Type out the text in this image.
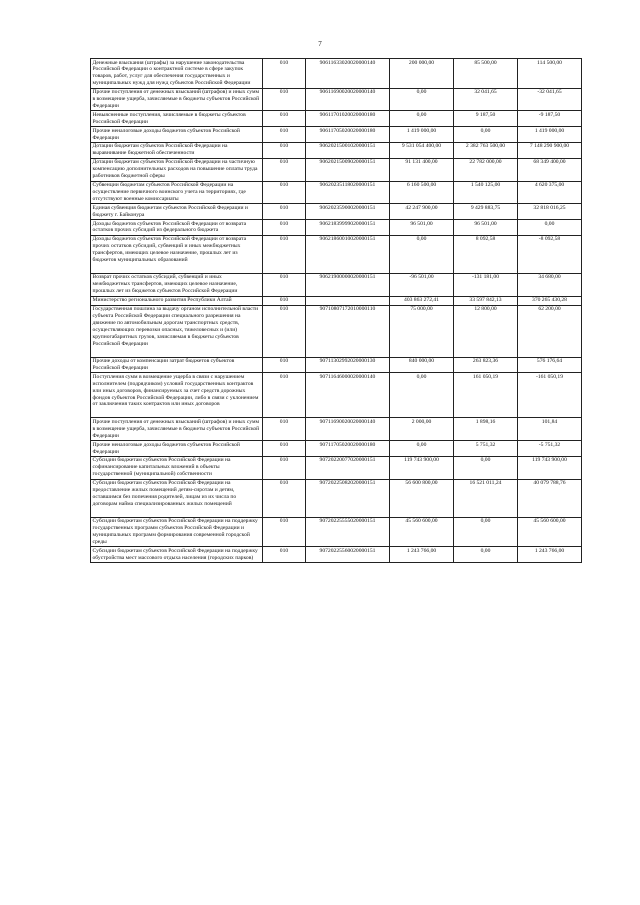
7
Денежные взыскания (штрафы) за нарушение законодательства Российской Федерации о контрактной системе в сфере закупок товаров, работ, услуг для обеспечения государственных и муниципальных нужд для нужд субъектов Российской Федерации	010	90611633020020000140	200 000,00	85 500,00	114 500,00
Прочие поступления от денежных взысканий (штрафов) и иных сумм в возмещение ущерба, зачисляемые в бюджеты субъектов Российской Федерации	010	90611690020020000140	0,00	32 041,65	-32 041,65
Невыясненные поступления, зачисляемые в бюджеты субъектов Российской Федерации	010	90611701020020000180	0,00	9 187,50	-9 187,50
Прочие неналоговые доходы бюджетов субъектов Российской Федерации	010	90611705020020000180	1 419 000,00	0,00	1 419 000,00
Дотации бюджетам субъектов Российской Федерации на выравнивание бюджетной обеспеченности	010	90620215001020000151	9 531 054 400,00	2 382 763 500,00	7 148 290 900,00
Дотации бюджетам субъектов Российской Федерации на частичную компенсацию дополнительных расходов на повышение оплаты труда работников бюджетной сферы	010	90620215009020000151	91 131 400,00	22 782 000,00	68 349 400,00
Субвенции бюджетам субъектов Российской Федерации на осуществление первичного воинского учета на территориях, где отсутствуют военные комиссариаты	010	90620235118020000151	6 160 500,00	1 540 125,00	4 620 375,00
Единая субвенция бюджетам субъектов Российской Федерации и бюджету г. Байконура	010	90620235900020000151	42 247 900,00	9 429 883,75	32 818 016,25
Доходы бюджетов субъектов Российской Федерации от возврата остатков прочих субсидий из федерального бюджета	010	90621839999020000151	96 501,00	96 501,00	0,00
Доходы бюджетов субъектов Российской Федерации от возврата прочих остатков субсидий, субвенций и иных межбюджетных трансфертов, имеющих целевое назначение, прошлых лет из бюджетов муниципальных образований	010	90621860010020000151	0,00	8 092,58	-8 092,58
Возврат прочих остатков субсидий, субвенций и иных межбюджетных трансфертов, имеющих целевое назначение, прошлых лет из бюджетов субъектов Российской Федерации	010	90621900000020000151	-96 501,00	-131 181,00	34 680,00
Министерство регионального развития Республики Алтай	010		403 863 272,41	33 597 842,13	370 265 430,28
Государственная пошлина за выдачу органом исполнительной власти субъекта Российской Федерации специального разрешения на движение по автомобильным дорогам транспортных средств, осуществляющих перевозки опасных, тяжеловесных и (или) крупногабаритных грузов, зачисляемая в бюджеты субъектов Российской Федерации	010	90710807172010000110	75 000,00	12 800,00	62 200,00
Прочие доходы от компенсации затрат бюджетов субъектов Российской Федерации	010	90711302992020000130	840 000,00	263 823,36	576 176,64
Поступления сумм в возмещение ущерба в связи с нарушением исполнителем (подрядчиком) условий государственных контрактов или иных договоров, финансируемых за счет средств дорожных фондов субъектов Российской Федерации, либо в связи с уклонением от заключения таких контрактов или иных договоров	010	90711646000020000140	0,00	161 050,19	-161 050,19
Прочие поступления от денежных взысканий (штрафов) и иных сумм в возмещение ущерба, зачисляемые в бюджеты субъектов Российской Федерации	010	90711690020020000140	2 000,00	1 898,16	101,84
Прочие неналоговые доходы бюджетов субъектов Российской Федерации	010	90711705020020000180	0,00	5 751,32	-5 751,32
Субсидии бюджетам субъектов Российской Федерации на софинансирование капитальных вложений в объекты государственной (муниципальной) собственности	010	90720220077020000151	119 743 900,00	0,00	119 743 900,00
Субсидии бюджетам субъектов Российской Федерации на предоставление жилых помещений детям-сиротам и детям, оставшимся без попечения родителей, лицам из их числа по договорам найма специализированных жилых помещений	010	90720225082020000151	56 600 800,00	16 521 011,24	40 079 788,76
Субсидии бюджетам субъектов Российской Федерации на поддержку государственных программ субъектов Российской Федерации и муниципальных программ формирования современной городской среды	010	90720225555020000151	45 560 600,00	0,00	45 560 600,00
Субсидии бюджетам субъектов Российской Федерации на поддержку обустройства мест массового отдыха населения (городских парков)	010	90720225560020000151	1 243 766,00	0,00	1 243 766,00
